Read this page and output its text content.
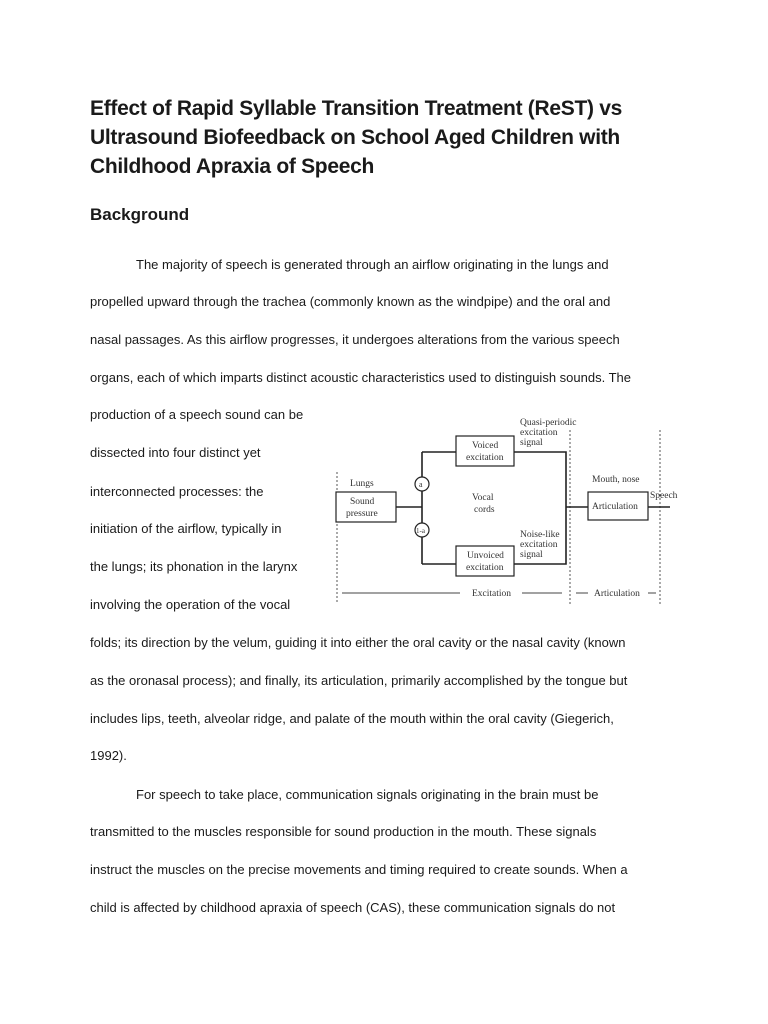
Effect of Rapid Syllable Transition Treatment (ReST) vs
Ultrasound Biofeedback on School Aged Children with
Childhood Apraxia of Speech
Background
The majority of speech is generated through an airflow originating in the lungs and
propelled upward through the trachea (commonly known as the windpipe) and the oral and
nasal passages. As this airflow progresses, it undergoes alterations from the various speech
organs, each of which imparts distinct acoustic characteristics used to distinguish sounds. The
production of a speech sound can be
dissected into four distinct yet
interconnected processes: the
initiation of the airflow, typically in
the lungs; its phonation in the larynx
involving the operation of the vocal
folds; its direction by the velum, guiding it into either the oral cavity or the nasal cavity (known
as the oronasal process); and finally, its articulation, primarily accomplished by the tongue but
includes lips, teeth, alveolar ridge, and palate of the mouth within the oral cavity (Giegerich,
1992).
For speech to take place, communication signals originating in the brain must be
transmitted to the muscles responsible for sound production in the mouth. These signals
instruct the muscles on the precise movements and timing required to create sounds. When a
child is affected by childhood apraxia of speech (CAS), these communication signals do not
Lungs
Sound
pressure
Voiced
excitation
Unvoiced
excitation
Articulation
Vocal
cords
a
1-a
Quasi-periodic
excitation
signal
Noise-like
excitation
signal
Mouth, nose
Speech
Excitation	Articulation
